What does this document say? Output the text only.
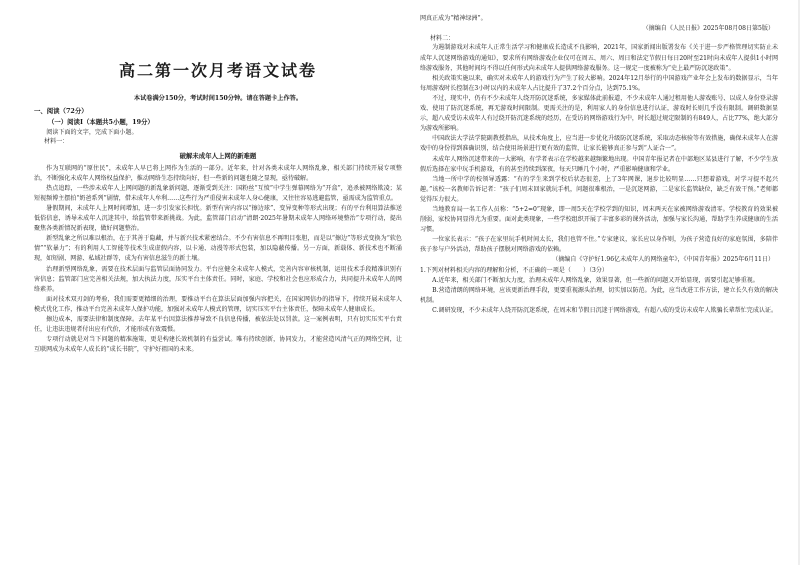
高二第一次月考语文试卷
本试卷满分150分，考试时间150分钟。请在答题卡上作答。
一、阅读（72分）
（一）阅读Ⅰ（本题共5小题，19分）
阅读下面的文字，完成下面小题。
材料一：
破解未成年人上网的新难题

作为互联网的“原住民”，未成年人早已将上网作为生活的一部分。近年来，针对各类未成年人网络乱象，相关部门持续开展专项整治，不断强化未成年人网络权益保护，推动网络生态持续向好，但一些新的问题也随之显现，亟待破解。

热点追踪，一些涉未成年人上网问题的新乱象新问题，逐渐受到关注：国粉丝“互愤”中学生弹幕网络为“开盒”，追杀被网络欺凌；某短视频博主摆拍“奶爸系列”剧情，借未成年人牟利……这些行为严重侵害未成年人身心健康，又往往容易逃避监管，亟需成为监管重点。

暑假期间，未成年人上网时间增加，进一步引发家长担忧。新型有害内容以“擦边球”、变异变种等形式出现；有的平台利用算法推送低俗信息，诱导未成年人沉迷其中，给监管带来新挑战。为此，监管部门启动“清朗·2025年暑期未成年人网络环境整治”专项行动，提出聚焦各类新情况新表现，做好问题整治。

新型乱象之所以难以根治，在于其善于隐藏，并与新兴技术紧密结合。不少有害信息不再明目张胆，而是以“擦边”等形式变换为“软色情”“软暴力”；有的利用人工智能等技术生成虚假内容，以卡通、动漫等形式包装，加以隐蔽传播。另一方面，新载体、新技术也不断涌现，如短剧、网游、私域社群等，成为有害信息滋生的新土壤。

治理新型网络乱象，需要在技术层面与监管层面协同发力。平台应健全未成年人模式，完善内容审核机制，运用技术手段精准识别有害信息；监管部门应完善相关法规，加大执法力度，压实平台主体责任。同时，家庭、学校和社会也应形成合力，共同提升未成年人的网络素养。

面对技术双刃剑的考验，我们需要更精细的治理，要推动平台在算法层面加强内容把关，在国家网信办的指导下，持续开展未成年人模式优化工作，推动平台完善未成年人保护功能，加强对未成年人模式的管理，切实压实平台主体责任，保障未成年人健康成长。

擦边成本，需要法律和制度保障。去年某平台因算法推荐导致不良信息传播，被依法处以罚款。这一案例表明，只有切实压实平台责任，让违法违规者付出应有代价，才能形成有效震慑。

专项行动就是对当下问题的精准施策，更是构建长效机制的有益尝试。唯有持续创新，协同发力，才能营造风清气正的网络空间，让互联网成为未成年人成长的“成长书院”，守护好祖国的未来。

网真正成为“精神绿洲”。

（摘编自《人民日报》2025年08月08日第5版）
材料二：

为遏制游戏对未成年人正常生活学习和健康成长造成不良影响，2021年，国家新闻出版署发布《关于进一步严格管理切实防止未成年人沉迷网络游戏的通知》，要求所有网络游戏企业仅可在周五、周六、周日和法定节假日每日20时至21时向未成年人提供1小时网络游戏服务，其他时间均不得以任何形式向未成年人提供网络游戏服务。这一规定一度被称为“史上最严防沉迷政策”。

相关政策实施以来，确实对未成年人的游戏行为产生了较大影响。2024年12月举行的中国游戏产业年会上发布的数据显示，当年每周游戏时长控制在3小时以内的未成年人占比提升了37.2个百分点，达到75.1%。

不过，现实中，仍有不少未成年人绕开防沉迷系统，多家媒体此前报道，不少未成年人通过租用他人游戏账号、以成人身份登录游戏、使用了防沉迷系统，再无游戏时间限制。更需关注的是，利用家人的身份信息进行认证，游戏时长则几乎没有限制。调研数据显示，超八成受访未成年人有过绕开防沉迷系统的经历，在受访的网络游戏行为中，时长超过规定限制的有849人，占比77%，绝大部分为游戏所影响。

中国政法大学法学院副教授指出，从技术角度上，应当进一步优化升级防沉迷系统，采取动态核验等有效措施，确保未成年人在游戏中的身份得到准确识别，结合使用场景进行更有效的监管，让家长能够真正参与到“人证合一”。

未成年人网络沉迷带来的一大影响，有学者表示在学校越来越频繁地出现。中国青年报记者在中部地区某县进行了解，不少学生放假后选择在家中玩手机游戏，有的甚至持续到深夜，每天只睡几个小时，严重影响健康和学业。

当地一所中学的校领导透露：“有的学生来到学校后状态很差，上了3年网课，退步比较明显……只想着游戏，对学习提不起兴趣。”该校一名教师告诉记者：“孩子们周末回家就玩手机，问题很难根治，一是沉迷网游，二是家长监管缺位，缺乏有效干预。”老师都觉得压力很大。

当地教育局一名工作人员称：“5+2=0”现象，即一周5天在学校学到的知识，周末两天在家被网络游戏清零。学校教育的效果被削弱，家校协同显得尤为重要。面对此类现象，一些学校组织开展了丰富多彩的课外活动，加强与家长沟通，帮助学生养成健康的生活习惯。

一位家长表示：“孩子在家里玩手机时间太长，我们也管不住。”专家建议，家长应以身作则，为孩子营造良好的家庭氛围，多陪伴孩子参与户外活动，帮助孩子摆脱对网络游戏的依赖。

（摘编自《守护好1.96亿未成年人的网络童年》，《中国青年报》2025年6月11日）
1.下列对材料相关内容的理解和分析，不正确的一项是（　　）（3分）
A.近年来，相关部门不断加大力度，治理未成年人网络乱象，效果显著，但一些新的问题又开始显现，需要引起足够重视。
B.营造清朗的网络环境，应该更新治理手段，更要重视源头治理，切实加以防范。为此，应当改进工作方法，建立长久有效的解决机制。
C.调研发现，不少未成年人绕开防沉迷系统，在周末和节假日沉迷于网络游戏，有超八成的受访未成年人欺骗长辈帮忙完成认证。
